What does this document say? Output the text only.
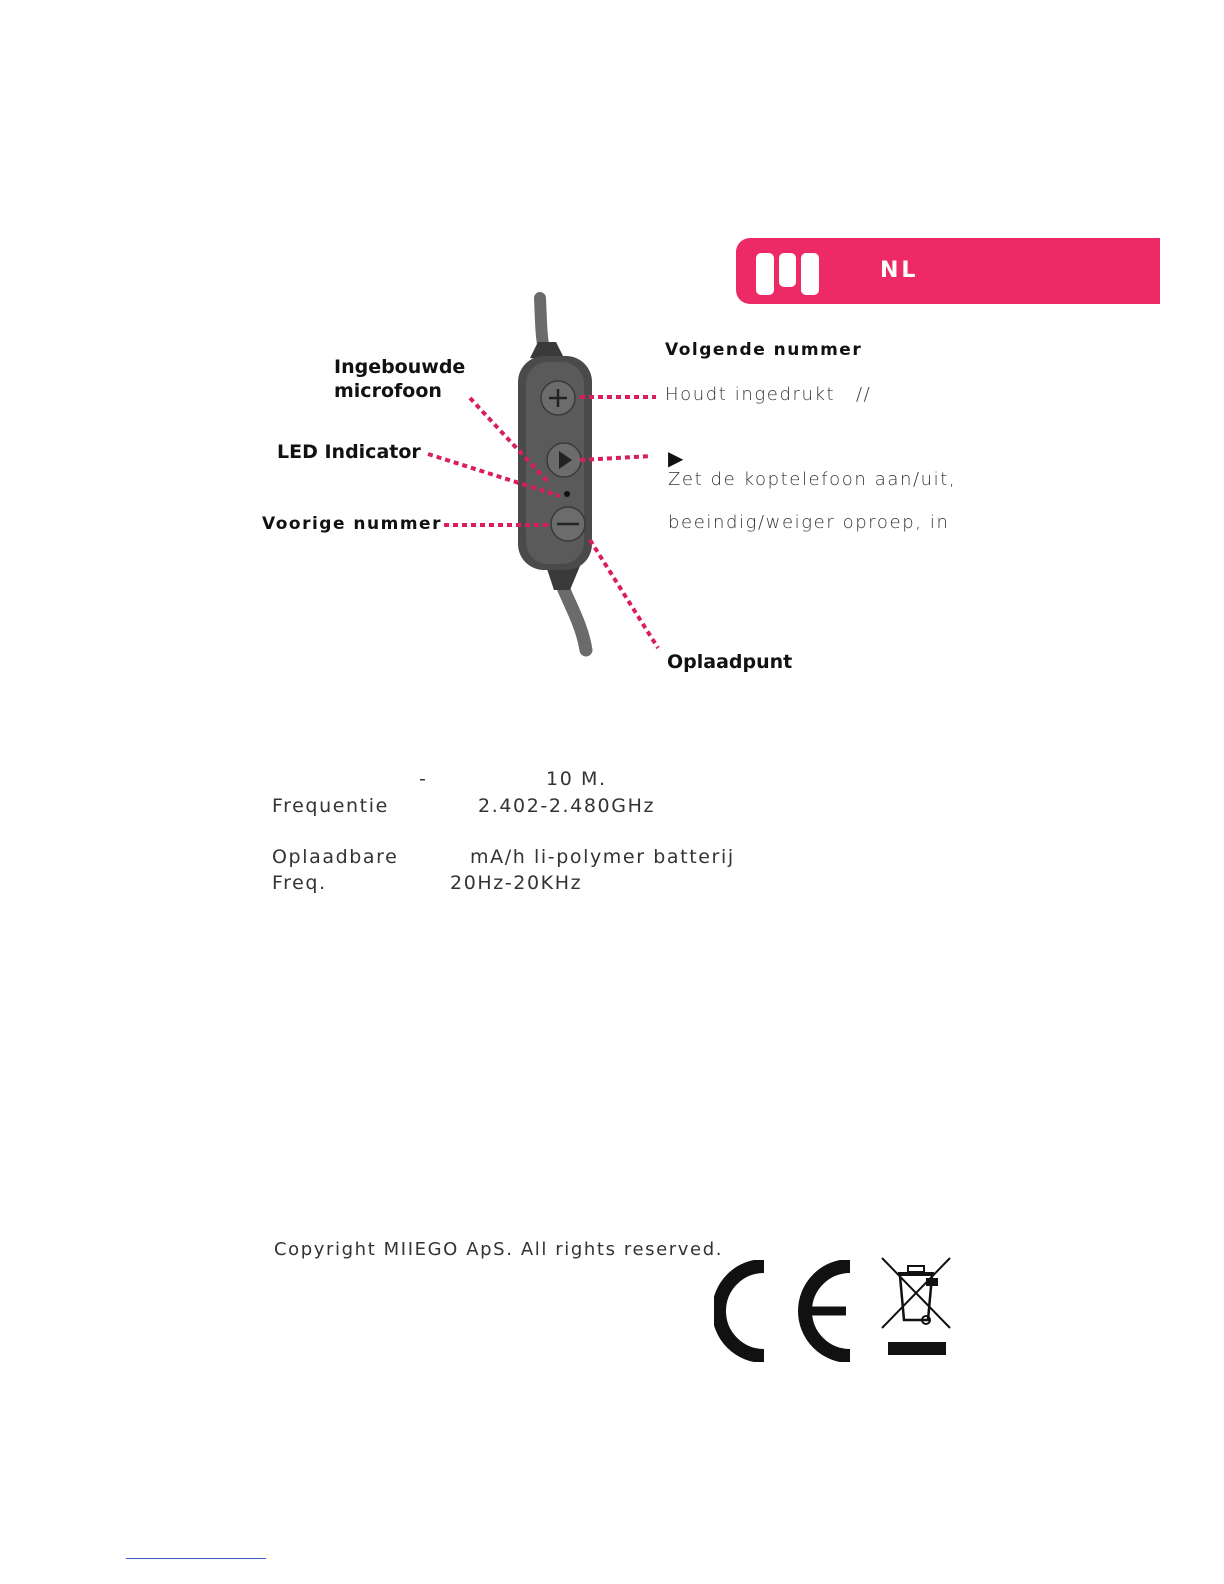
NL
Ingebouwde
microfoon
LED Indicator
Voorige nummer
Volgende nummer
Houdt ingedrukt //
▶
Zet de koptelefoon aan/uit,
beeindig/weiger oproep, in
Oplaadpunt
-	10 M.
Frequentie	2.402-2.480GHz
Oplaadbare	mA/h li-polymer batterij
Freq.	20Hz-20KHz
Copyright MIIEGO ApS. All rights reserved.
